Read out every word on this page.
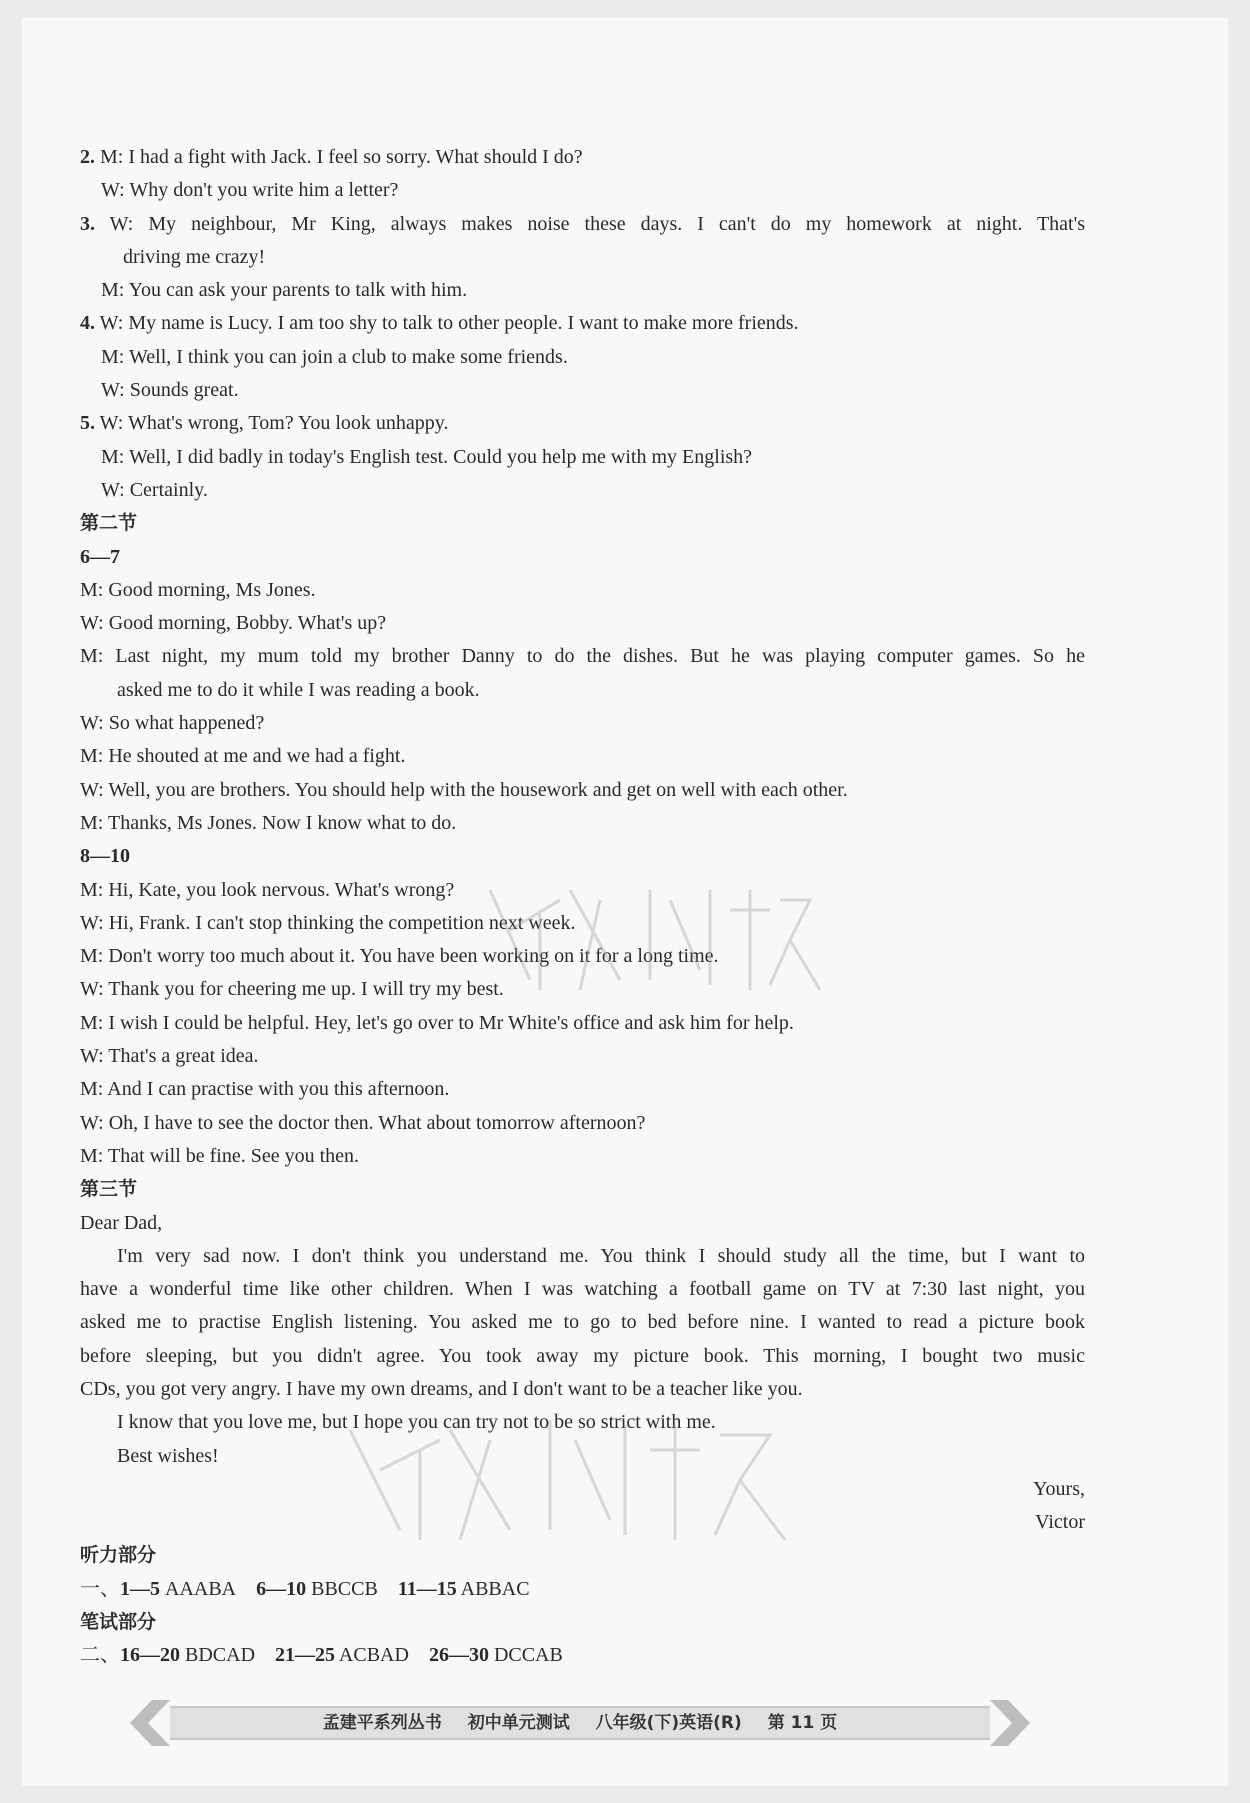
2. M: I had a fight with Jack. I feel so sorry. What should I do?
W: Why don't you write him a letter?
3. W: My neighbour, Mr King, always makes noise these days. I can't do my homework at night. That's
driving me crazy!
M: You can ask your parents to talk with him.
4. W: My name is Lucy. I am too shy to talk to other people. I want to make more friends.
M: Well, I think you can join a club to make some friends.
W: Sounds great.
5. W: What's wrong, Tom? You look unhappy.
M: Well, I did badly in today's English test. Could you help me with my English?
W: Certainly.
第二节
6—7
M: Good morning, Ms Jones.
W: Good morning, Bobby. What's up?
M: Last night, my mum told my brother Danny to do the dishes. But he was playing computer games. So he
asked me to do it while I was reading a book.
W: So what happened?
M: He shouted at me and we had a fight.
W: Well, you are brothers. You should help with the housework and get on well with each other.
M: Thanks, Ms Jones. Now I know what to do.
8—10
M: Hi, Kate, you look nervous. What's wrong?
W: Hi, Frank. I can't stop thinking the competition next week.
M: Don't worry too much about it. You have been working on it for a long time.
W: Thank you for cheering me up. I will try my best.
M: I wish I could be helpful. Hey, let's go over to Mr White's office and ask him for help.
W: That's a great idea.
M: And I can practise with you this afternoon.
W: Oh, I have to see the doctor then. What about tomorrow afternoon?
M: That will be fine. See you then.
第三节
Dear Dad,
I'm very sad now. I don't think you understand me. You think I should study all the time, but I want to
have a wonderful time like other children. When I was watching a football game on TV at 7:30 last night, you
asked me to practise English listening. You asked me to go to bed before nine. I wanted to read a picture book
before sleeping, but you didn't agree. You took away my picture book. This morning, I bought two music
CDs, you got very angry. I have my own dreams, and I don't want to be a teacher like you.
I know that you love me, but I hope you can try not to be so strict with me.
Best wishes!
Yours,
Victor
听力部分
一、1—5 AAABA 6—10 BBCCB 11—15 ABBAC
笔试部分
二、16—20 BDCAD 21—25 ACBAD 26—30 DCCAB
孟建平系列丛书 初中单元测试 八年级(下)英语(R) 第 11 页
